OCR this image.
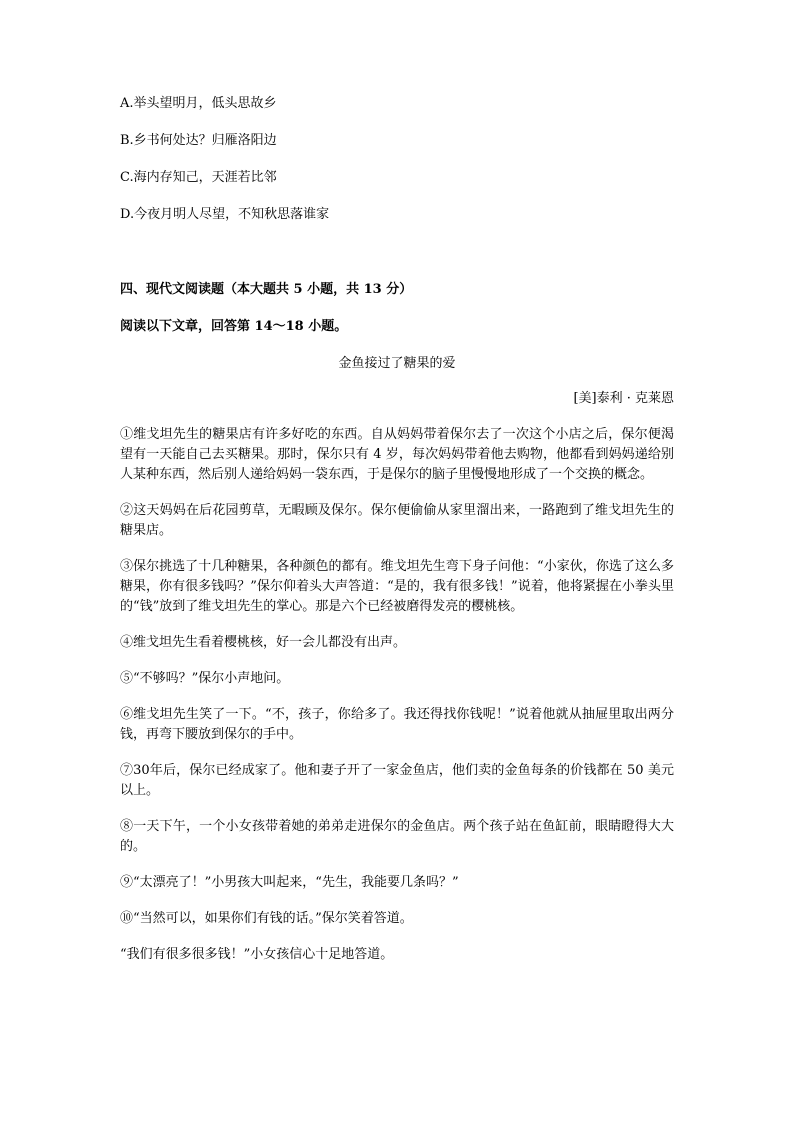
A.举头望明月，低头思故乡

B.乡书何处达？归雁洛阳边

C.海内存知己，天涯若比邻

D.今夜月明人尽望，不知秋思落谁家

四、现代文阅读题（本大题共 5 小题，共 13 分）

阅读以下文章，回答第 14～18 小题。

金鱼接过了糖果的爱

[美]泰利 · 克莱恩

①维戈坦先生的糖果店有许多好吃的东西。自从妈妈带着保尔去了一次这个小店之后，保尔便渴望有一天能自己去买糖果。那时，保尔只有 4 岁，每次妈妈带着他去购物，他都看到妈妈递给别人某种东西，然后别人递给妈妈一袋东西，于是保尔的脑子里慢慢地形成了一个交换的概念。

②这天妈妈在后花园剪草，无暇顾及保尔。保尔便偷偷从家里溜出来，一路跑到了维戈坦先生的糖果店。

③保尔挑选了十几种糖果，各种颜色的都有。维戈坦先生弯下身子问他：“小家伙，你选了这么多糖果，你有很多钱吗？”保尔仰着头大声答道：“是的，我有很多钱！”说着，他将紧握在小拳头里的“钱”放到了维戈坦先生的掌心。那是六个已经被磨得发亮的樱桃核。

④维戈坦先生看着樱桃核，好一会儿都没有出声。

⑤“不够吗？”保尔小声地问。

⑥维戈坦先生笑了一下。“不，孩子，你给多了。我还得找你钱呢！”说着他就从抽屉里取出两分钱，再弯下腰放到保尔的手中。

⑦30年后，保尔已经成家了。他和妻子开了一家金鱼店，他们卖的金鱼每条的价钱都在 50 美元以上。

⑧一天下午，一个小女孩带着她的弟弟走进保尔的金鱼店。两个孩子站在鱼缸前，眼睛瞪得大大的。

⑨“太漂亮了！”小男孩大叫起来，“先生，我能要几条吗？”

⑩“当然可以，如果你们有钱的话。”保尔笑着答道。

“我们有很多很多钱！”小女孩信心十足地答道。
